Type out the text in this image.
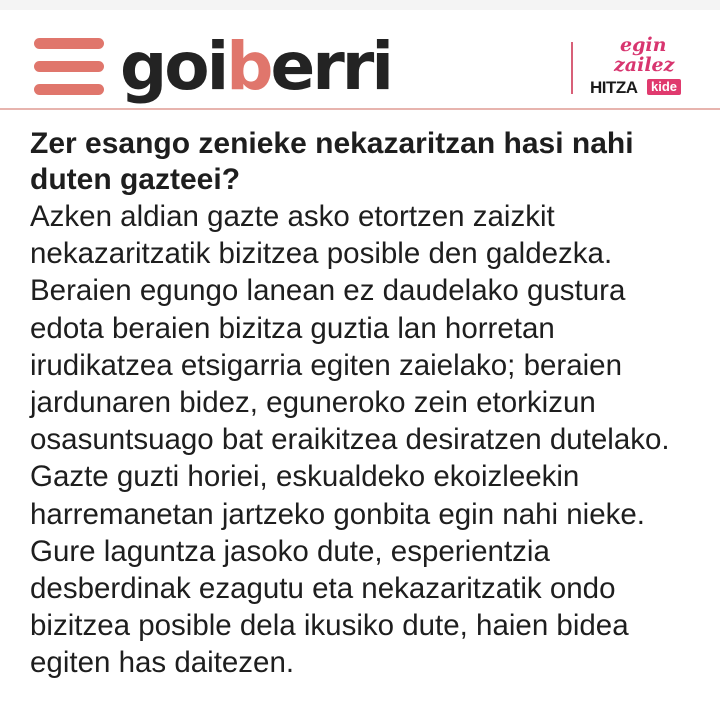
goi b erri	egin
zailez
HITZA	kide
Zer esango zenieke nekazaritzan hasi nahi duten gazteei?

Azken aldian gazte asko etortzen zaizkit nekazaritzatik bizitzea posible den galdezka. Beraien egungo lanean ez daudelako gustura edota beraien bizitza guztia lan horretan irudikatzea etsigarria egiten zaielako; beraien jardunaren bidez, eguneroko zein etorkizun osasuntsuago bat eraikitzea desiratzen dutelako. Gazte guzti horiei, eskualdeko ekoizleekin harremanetan jartzeko gonbita egin nahi nieke. Gure laguntza jasoko dute, esperientzia desberdinak ezagutu eta nekazaritzatik ondo bizitzea posible dela ikusiko dute, haien bidea egiten has daitezen.
